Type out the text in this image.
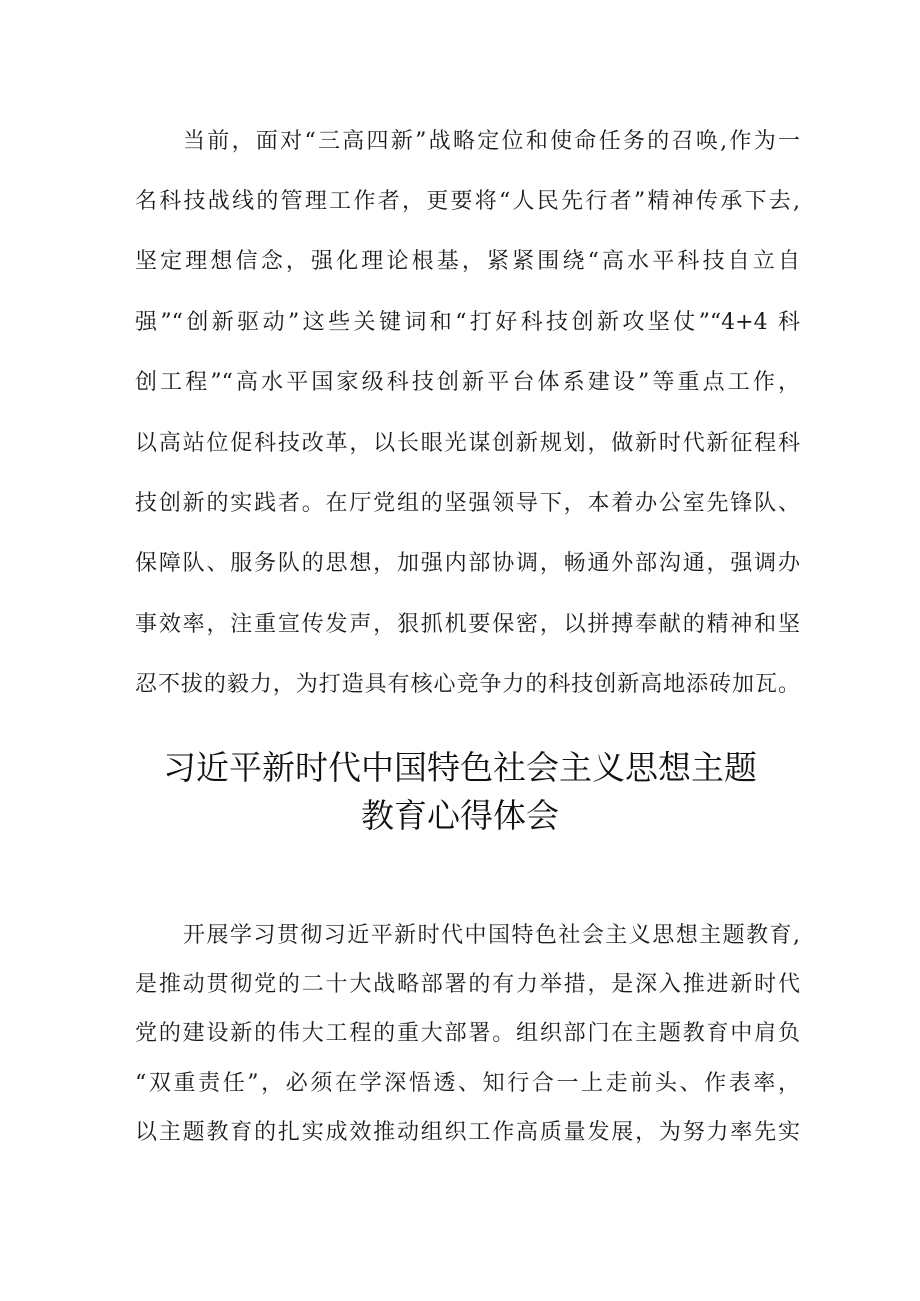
当前，面对“三高四新”战略定位和使命任务的召唤,作为一
名科技战线的管理工作者，更要将“人民先行者”精神传承下去,
坚定理想信念，强化理论根基，紧紧围绕“高水平科技自立自
强”“创新驱动”这些关键词和“打好科技创新攻坚仗”“4+4 科
创工程”“高水平国家级科技创新平台体系建设”等重点工作，
以高站位促科技改革，以长眼光谋创新规划，做新时代新征程科
技创新的实践者。在厅党组的坚强领导下，本着办公室先锋队、
保障队、服务队的思想，加强内部协调，畅通外部沟通，强调办
事效率，注重宣传发声，狠抓机要保密，以拼搏奉献的精神和坚
忍不拔的毅力，为打造具有核心竞争力的科技创新高地添砖加瓦。
习近平新时代中国特色社会主义思想主题
教育心得体会
开展学习贯彻习近平新时代中国特色社会主义思想主题教育,
是推动贯彻党的二十大战略部署的有力举措，是深入推进新时代
党的建设新的伟大工程的重大部署。组织部门在主题教育中肩负
“双重责任”，必须在学深悟透、知行合一上走前头、作表率，
以主题教育的扎实成效推动组织工作高质量发展，为努力率先实
